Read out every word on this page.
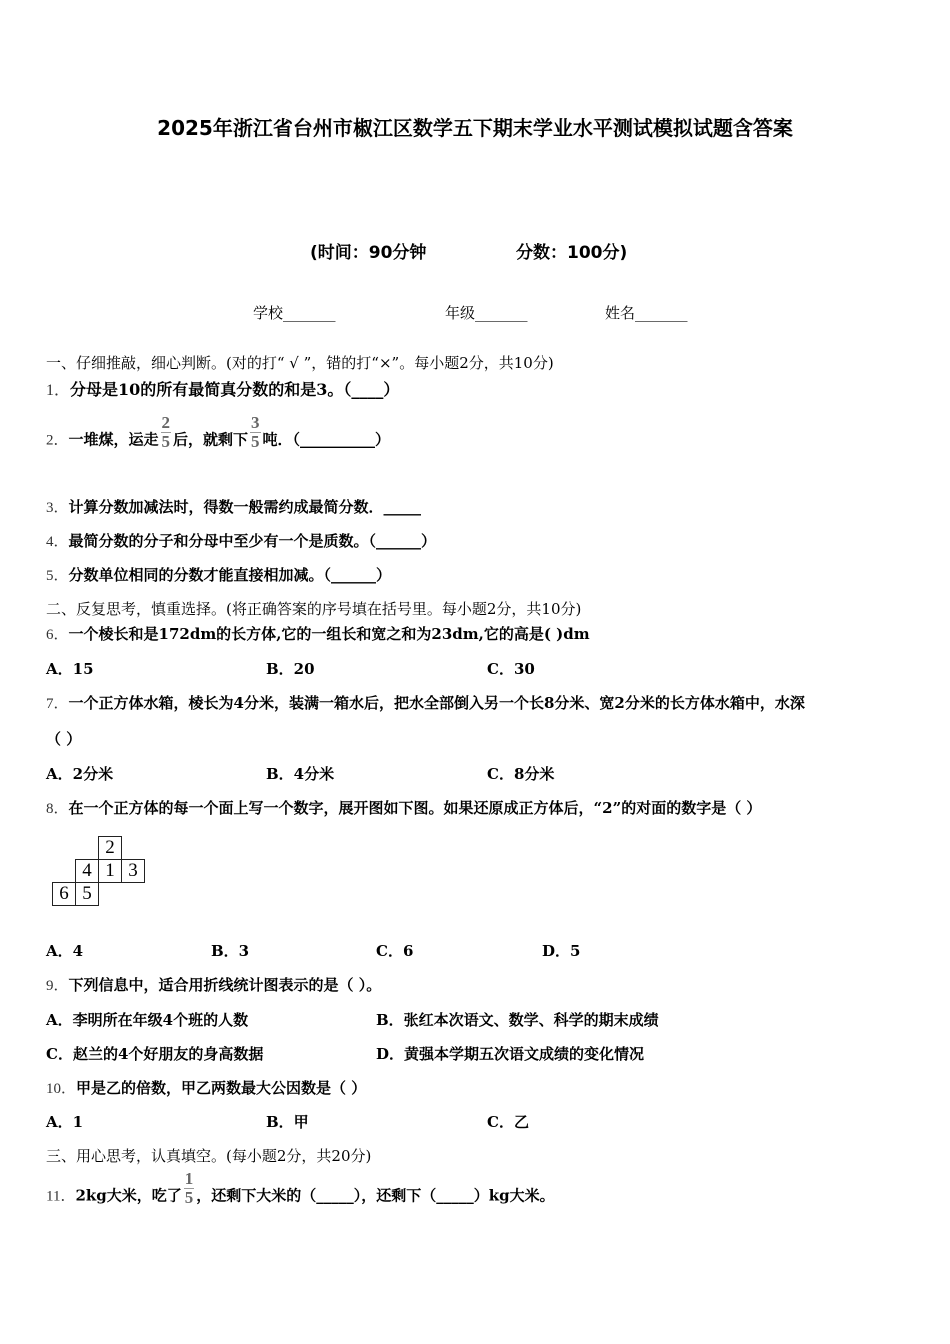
2025年浙江省台州市椒江区数学五下期末学业水平测试模拟试题含答案
(时间：90分钟	分数：100分)
学校_______	年级_______	姓名_______
一、仔细推敲，细心判断。(对的打“ √ ”，错的打“×”。每小题2分，共10分)
1．分母是10的所有最简真分数的和是3。（____）
2．一堆煤，运走 $\frac{2}{5}$ 后，就剩下 $\frac{3}{5}$ 吨．（__________）
3．计算分数加减法时，得数一般需约成最简分数．_____
4．最简分数的分子和分母中至少有一个是质数。（______）
5．分数单位相同的分数才能直接相加减。（______）
二、反复思考，慎重选择。(将正确答案的序号填在括号里。每小题2分，共10分)
6．一个棱长和是172dm的长方体,它的一组长和宽之和为23dm,它的高是( )dm
A．15	B．20	C．30
7．一个正方体水箱，棱长为4分米，装满一箱水后，把水全部倒入另一个长8分米、宽2分米的长方体水箱中，水深
（ ）
A．2分米	B．4分米	C．8分米
8．在一个正方体的每一个面上写一个数字，展开图如下图。如果还原成正方体后，“2”的对面的数字是（ ）
2
4 1 3
6 5
A．4	B．3	C．6	D．5
9．下列信息中，适合用折线统计图表示的是（ ）。
A．李明所在年级4个班的人数	B．张红本次语文、数学、科学的期末成绩
C．赵兰的4个好朋友的身高数据	D．黄强本学期五次语文成绩的变化情况
10．甲是乙的倍数，甲乙两数最大公因数是（ ）
A．1	B．甲	C．乙
三、用心思考，认真填空。(每小题2分，共20分)
11．2kg大米，吃了 $\frac{1}{5}$ ，还剩下大米的（_____），还剩下（_____）kg大米。
